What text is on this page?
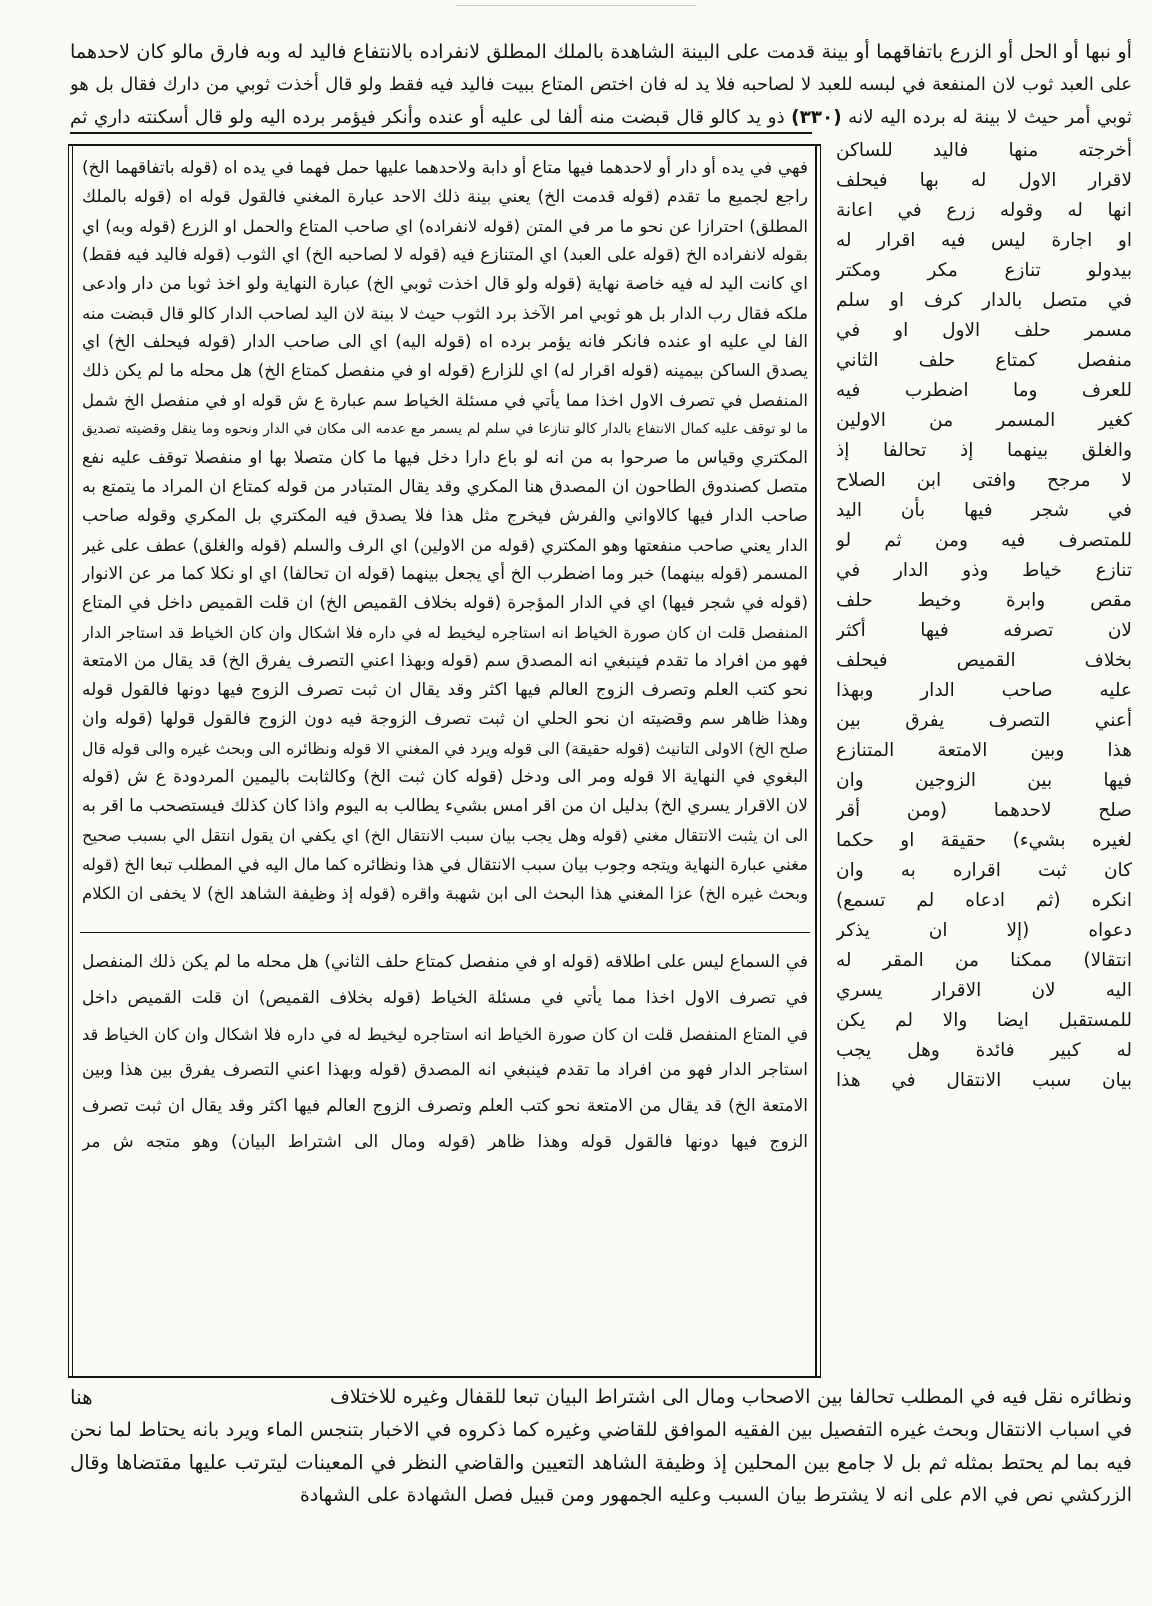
أو نبها أو الحل أو الزرع باتفاقهما أو بينة قدمت على البينة الشاهدة بالملك المطلق لانفراده بالانتفاع فاليد له وبه فارق مالو كان لاحدهما
على العبد ثوب لان المنفعة في لبسه للعبد لا لصاحبه فلا يد له فان اختص المتاع ببيت فاليد فيه فقط ولو قال أخذت ثوبي من دارك فقال بل هو
ثوبي أمر حيث لا بينة له برده اليه لانه (٣٣٠) ذو يد كالو قال قبضت منه ألفا لى عليه أو عنده وأنكر فيؤمر برده اليه ولو قال أسكنته داري ثم
أخرجته منها فاليد للساكن
لاقرار الاول له بها فيحلف
انها له وقوله زرع في اعانة
او اجارة ليس فيه اقرار له
بيدولو تنازع مكر ومكتر
في متصل بالدار كرف او سلم
مسمر حلف الاول او في
منفصل كمتاع حلف الثاني
للعرف وما اضطرب فيه
كغير المسمر من الاولين
والغلق بينهما إذ تحالفا إذ
لا مرجح وافتى ابن الصلاح
في شجر فيها بأن اليد
للمتصرف فيه ومن ثم لو
تنازع خياط وذو الدار في
مقص وابرة وخيط حلف
لان تصرفه فيها أكثر
بخلاف القميص فيحلف
عليه صاحب الدار وبهذا
أعني التصرف يفرق بين
هذا وبين الامتعة المتنازع
فيها بين الزوجين وان
صلح لاحدهما (ومن أقر
لغيره بشيء) حقيقة او حكما
كان ثبت اقراره به وان
انكره (ثم ادعاه لم تسمع)
دعواه (إلا ان يذكر
انتقالا) ممكنا من المقر له
اليه لان الاقرار يسري
للمستقبل ايضا والا لم يكن
له كبير فائدة وهل يجب
بيان سبب الانتقال في هذا
فهي في يده أو دار أو لاحدهما فيها متاع أو دابة ولاحدهما عليها حمل فهما في يده اه (قوله باتفاقهما الخ)
راجع لجميع ما تقدم (قوله قدمت الخ) يعني بينة ذلك الاحد عبارة المغني فالقول قوله اه (قوله بالملك
المطلق) احترازا عن نحو ما مر في المتن (قوله لانفراده) اي صاحب المتاع والحمل او الزرع (قوله وبه) اي
بقوله لانفراده الخ (قوله على العبد) اي المتنازع فيه (قوله لا لصاحبه الخ) اي الثوب (قوله فاليد فيه فقط)
اي كانت اليد له فيه خاصة نهاية (قوله ولو قال اخذت ثوبي الخ) عبارة النهاية ولو اخذ ثوبا من دار وادعى
ملكه فقال رب الدار بل هو ثوبي امر الآخذ برد الثوب حيث لا بينة لان اليد لصاحب الدار كالو قال قبضت منه
الفا لي عليه او عنده فانكر فانه يؤمر برده اه (قوله اليه) اي الى صاحب الدار (قوله فيحلف الخ) اي
يصدق الساكن بيمينه (قوله اقرار له) اي للزارع (قوله او في منفصل كمتاع الخ) هل محله ما لم يكن ذلك
المنفصل في تصرف الاول اخذا مما يأتي في مسئلة الخياط سم عبارة ع ش قوله او في منفصل الخ شمل
ما لو توقف عليه كمال الانتفاع بالدار كالو تنازعا في سلم لم يسمر مع عدمه الى مكان في الدار ونحوه وما ينقل وقضيته تصديق
المكتري وقياس ما صرحوا به من انه لو باع دارا دخل فيها ما كان متصلا بها او منفصلا توقف عليه نفع
متصل كصندوق الطاحون ان المصدق هنا المكري وقد يقال المتبادر من قوله كمتاع ان المراد ما يتمتع به
صاحب الدار فيها كالاواني والفرش فيخرج مثل هذا فلا يصدق فيه المكتري بل المكري وقوله صاحب
الدار يعني صاحب منفعتها وهو المكتري (قوله من الاولين) اي الرف والسلم (قوله والغلق) عطف على غير
المسمر (قوله بينهما) خبر وما اضطرب الخ أي يجعل بينهما (قوله ان تحالفا) اي او نكلا كما مر عن الانوار
(قوله في شجر فيها) اي في الدار المؤجرة (قوله بخلاف القميص الخ) ان قلت القميص داخل في المتاع
المنفصل قلت ان كان صورة الخياط انه استاجره ليخيط له في داره فلا اشكال وان كان الخياط قد استاجر الدار
فهو من افراد ما تقدم فينبغي انه المصدق سم (قوله وبهذا اعني التصرف يفرق الخ) قد يقال من الامتعة
نحو كتب العلم وتصرف الزوج العالم فيها اكثر وقد يقال ان ثبت تصرف الزوج فيها دونها فالقول قوله
وهذا ظاهر سم وقضيته ان نحو الحلي ان ثبت تصرف الزوجة فيه دون الزوج فالقول قولها (قوله وان
صلح الخ) الاولى التانيث (قوله حقيقة) الى قوله ويرد في المغني الا قوله ونظائره الى وبحث غيره والى قوله قال
البغوي في النهاية الا قوله ومر الى ودخل (قوله كان ثبت الخ) وكالثابت باليمين المردودة ع ش (قوله
لان الاقرار يسري الخ) بدليل ان من اقر امس بشيء يطالب به اليوم واذا كان كذلك فيستصحب ما اقر به
الى ان يثبت الانتقال مغني (قوله وهل يجب بيان سبب الانتقال الخ) اي يكفي ان يقول انتقل الي بسبب صحيح
مغني عبارة النهاية ويتجه وجوب بيان سبب الانتقال في هذا ونظائره كما مال اليه في المطلب تبعا الخ (قوله
وبحث غيره الخ) عزا المغني هذا البحث الى ابن شهبة واقره (قوله إذ وظيفة الشاهد الخ) لا يخفى ان الكلام
في السماع ليس على اطلاقه (قوله او في منفصل كمتاع حلف الثاني) هل محله ما لم يكن ذلك المنفصل
في تصرف الاول اخذا مما يأتي في مسئلة الخياط (قوله بخلاف القميص) ان قلت القميص داخل
في المتاع المنفصل قلت ان كان صورة الخياط انه استاجره ليخيط له في داره فلا اشكال وان كان الخياط قد
استاجر الدار فهو من افراد ما تقدم فينبغي انه المصدق (قوله وبهذا اعني التصرف يفرق بين هذا وبين
الامتعة الخ) قد يقال من الامتعة نحو كتب العلم وتصرف الزوج العالم فيها اكثر وقد يقال ان ثبت تصرف
الزوج فيها دونها فالقول قوله وهذا ظاهر (قوله ومال الى اشتراط البيان) وهو متجه ش مر
هنا	ونظائره نقل فيه في المطلب تحالفا بين الاصحاب ومال الى اشتراط البيان تبعا للقفال وغيره للاختلاف
في اسباب الانتقال وبحث غيره التفصيل بين الفقيه الموافق للقاضي وغيره كما ذكروه في الاخبار بتنجس الماء ويرد بانه يحتاط لما نحن
فيه بما لم يحتط بمثله ثم بل لا جامع بين المحلين إذ وظيفة الشاهد التعيين والقاضي النظر في المعينات ليترتب عليها مقتضاها وقال
الزركشي نص في الام على انه لا يشترط بيان السبب وعليه الجمهور ومن قبيل فصل الشهادة على الشهادة
